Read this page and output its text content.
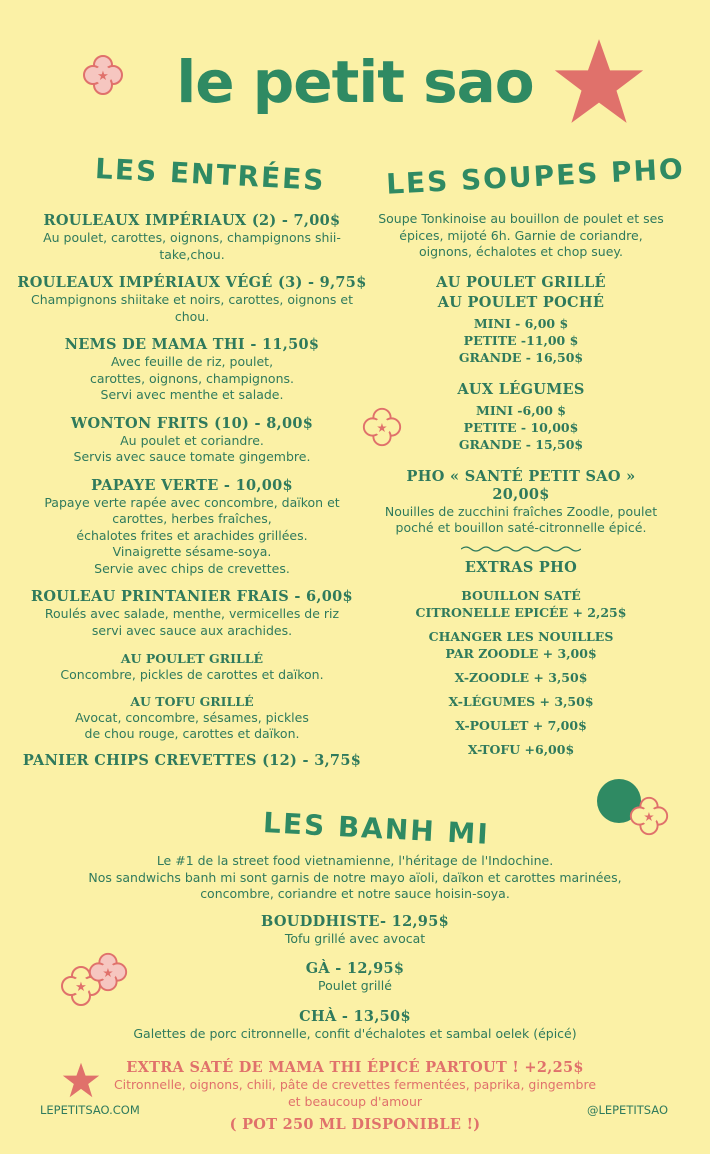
★
★
★
★
★
le petit sao
LES ENTRÉES LES SOUPES PHO
ROULEAUX IMPÉRIAUX (2) - 7,00$
Au poulet, carottes, oignons, champignons shii-
take,chou.
ROULEAUX IMPÉRIAUX VÉGÉ (3) - 9,75$
Champignons shiitake et noirs, carottes, oignons et
chou.
NEMS DE MAMA THI - 11,50$
Avec feuille de riz, poulet,
carottes, oignons, champignons.
Servi avec menthe et salade.
WONTON FRITS (10) - 8,00$
Au poulet et coriandre.
Servis avec sauce tomate gingembre.
PAPAYE VERTE - 10,00$
Papaye verte rapée avec concombre, daïkon et
carottes, herbes fraîches,
échalotes frites et arachides grillées.
Vinaigrette sésame-soya.
Servie avec chips de crevettes.
ROULEAU PRINTANIER FRAIS - 6,00$
Roulés avec salade, menthe, vermicelles de riz
servi avec sauce aux arachides.
AU POULET GRILLÉ
Concombre, pickles de carottes et daïkon.
AU TOFU GRILLÉ
Avocat, concombre, sésames, pickles
de chou rouge, carottes et daïkon.
PANIER CHIPS CREVETTES (12) - 3,75$
Soupe Tonkinoise au bouillon de poulet et ses
épices, mijoté 6h. Garnie de coriandre,
oignons, échalotes et chop suey.
AU POULET GRILLÉ
AU POULET POCHÉ
MINI - 6,00 $
PETITE -11,00 $
GRANDE - 16,50$
AUX LÉGUMES
MINI -6,00 $
PETITE - 10,00$
GRANDE - 15,50$
PHO « SANTÉ PETIT SAO »
20,00$
Nouilles de zucchini fraîches Zoodle, poulet
poché et bouillon saté-citronnelle épicé.
EXTRAS PHO
BOUILLON SATÉ
CITRONELLE EPICÉE + 2,25$
CHANGER LES NOUILLES
PAR ZOODLE + 3,00$
X-ZOODLE + 3,50$
X-LÉGUMES + 3,50$
X-POULET + 7,00$
X-TOFU +6,00$
LES BANH MI
Le #1 de la street food vietnamienne, l'héritage de l'Indochine.
Nos sandwichs banh mi sont garnis de notre mayo aïoli, daïkon et carottes marinées,
concombre, coriandre et notre sauce hoisin-soya.
BOUDDHISTE- 12,95$
Tofu grillé avec avocat
GÀ - 12,95$
Poulet grillé
CHÀ - 13,50$
Galettes de porc citronnelle, confit d'échalotes et sambal oelek (épicé)
EXTRA SATÉ DE MAMA THI ÉPICÉ PARTOUT ! +2,25$
Citronnelle, oignons, chili, pâte de crevettes fermentées, paprika, gingembre
et beaucoup d'amour
( POT 250 ML DISPONIBLE !)
LEPETITSAO.COM	@LEPETITSAO
